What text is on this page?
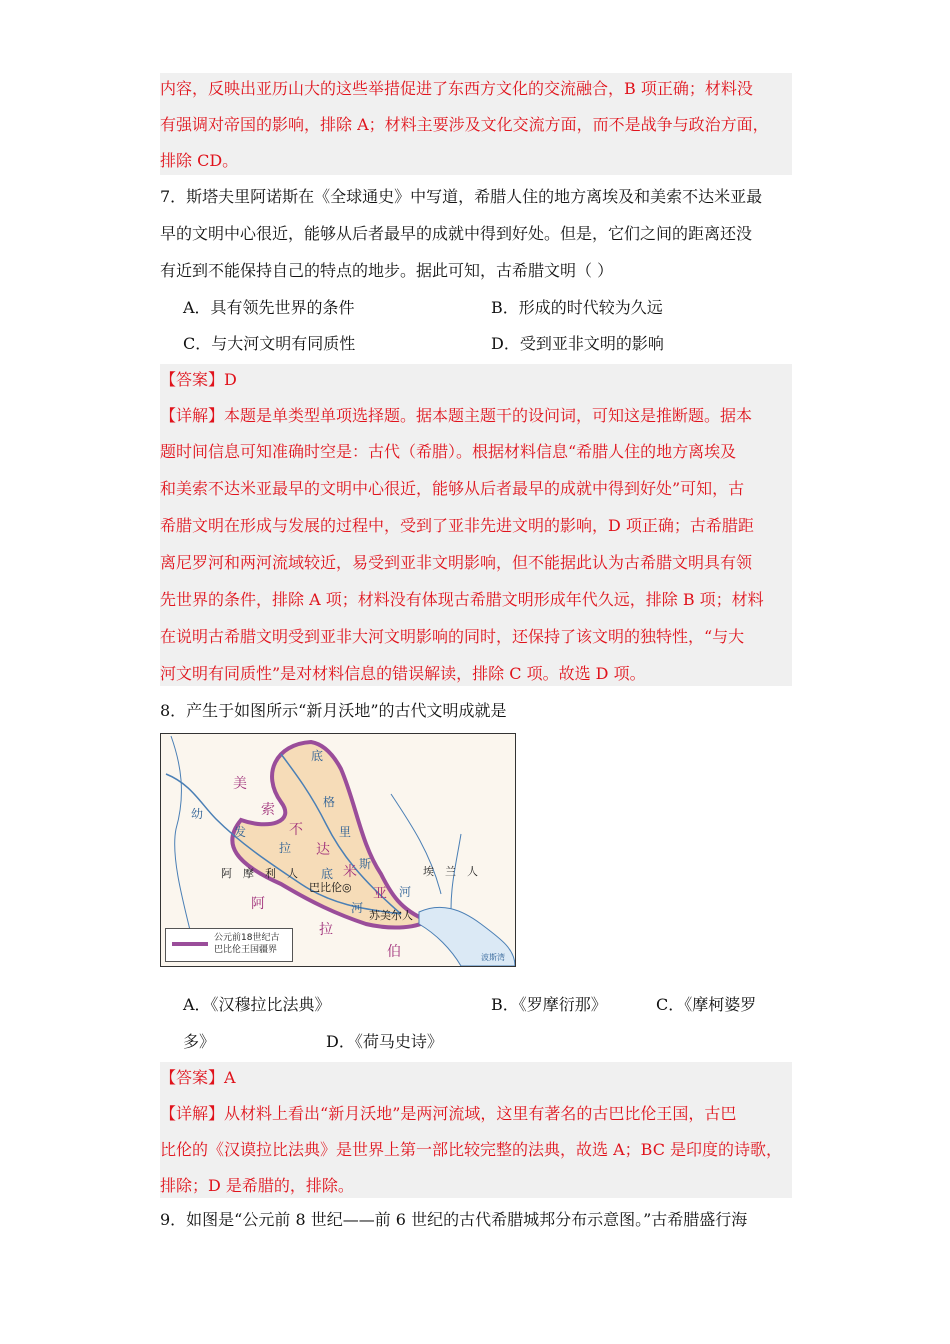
内容，反映出亚历山大的这些举措促进了东西方文化的交流融合，B 项正确；材料没
有强调对帝国的影响，排除 A；材料主要涉及文化交流方面，而不是战争与政治方面，
排除 CD。
7．斯塔夫里阿诺斯在《全球通史》中写道，希腊人住的地方离埃及和美索不达米亚最
早的文明中心很近，能够从后者最早的成就中得到好处。但是，它们之间的距离还没
有近到不能保持自己的特点的地步。据此可知，古希腊文明（ ）
A．具有领先世界的条件	B．形成的时代较为久远
C．与大河文明有同质性	D．受到亚非文明的影响
【答案】D
【详解】本题是单类型单项选择题。据本题主题干的设问词，可知这是推断题。据本
题时间信息可知准确时空是：古代（希腊）。根据材料信息“希腊人住的地方离埃及
和美索不达米亚最早的文明中心很近，能够从后者最早的成就中得到好处”可知，古
希腊文明在形成与发展的过程中，受到了亚非先进文明的影响，D 项正确；古希腊距
离尼罗河和两河流域较近，易受到亚非文明影响，但不能据此认为古希腊文明具有领
先世界的条件，排除 A 项；材料没有体现古希腊文明形成年代久远，排除 B 项；材料
在说明古希腊文明受到亚非大河文明影响的同时，还保持了该文明的独特性，“与大
河文明有同质性”是对材料信息的错误解读，排除 C 项。故选 D 项。
8．产生于如图所示“新月沃地”的古代文明成就是
美
索
不
达
米
亚
底
格
里
斯
河
幼
发
拉
底
河
阿　摩　利　人	埃　兰　人
巴比伦◎
苏美尔人
阿
拉
伯	波斯湾
公元前18世纪古巴比伦王国疆界
A．《汉穆拉比法典》	B．《罗摩衍那》	C．《摩柯婆罗
多》	D．《荷马史诗》
【答案】A
【详解】从材料上看出“新月沃地”是两河流域，这里有著名的古巴比伦王国，古巴
比伦的《汉谟拉比法典》是世界上第一部比较完整的法典，故选 A；BC 是印度的诗歌，
排除；D 是希腊的，排除。
9．如图是“公元前 8 世纪——前 6 世纪的古代希腊城邦分布示意图。”古希腊盛行海
